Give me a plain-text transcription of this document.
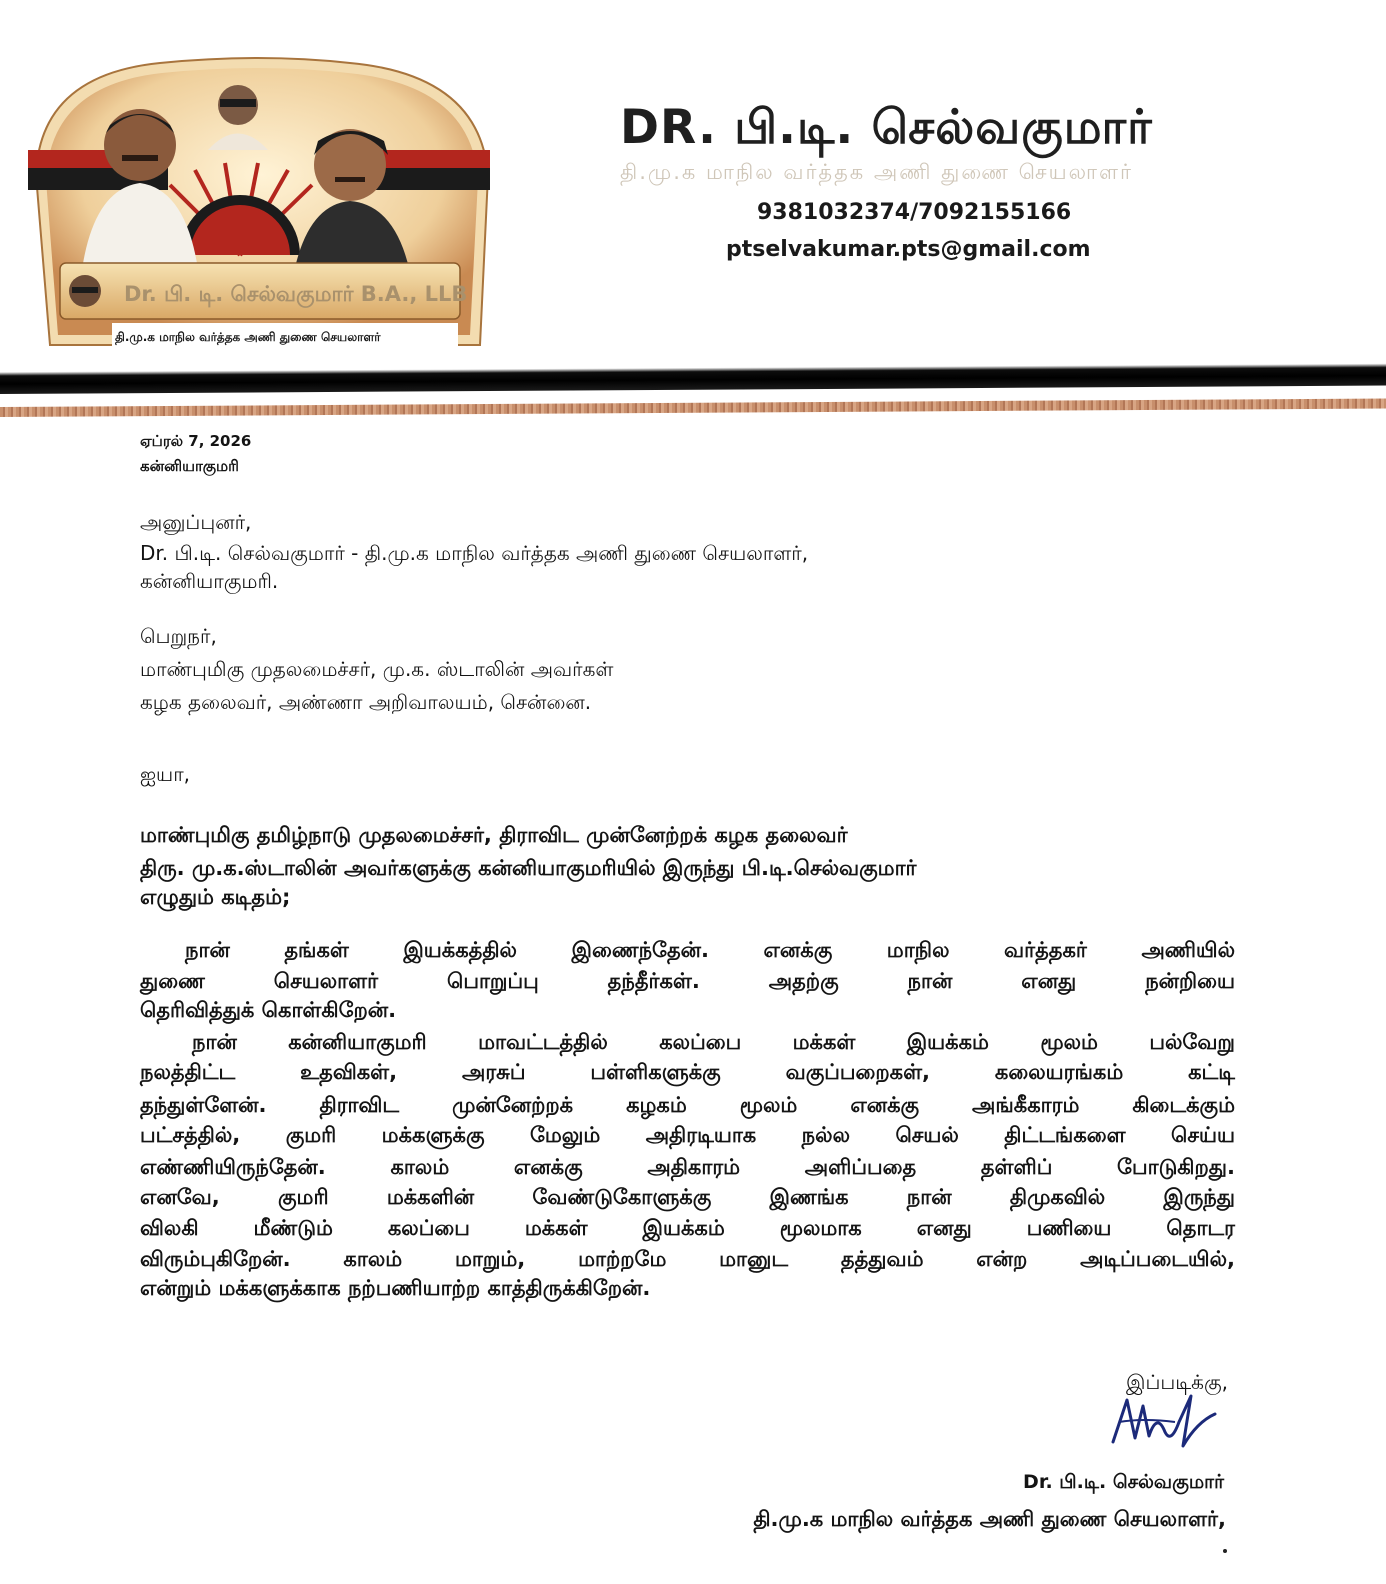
Dr. பி. டி. செல்வகுமார் B.A., LLB
தி.மு.க மாநில வர்த்தக அணி துணை செயலாளர்
DR. பி.டி. செல்வகுமார்
தி.மு.க மாநில வர்த்தக அணி துணை செயலாளர்
9381032374/7092155166
ptselvakumar.pts@gmail.com
ஏப்ரல் 7, 2026
கன்னியாகுமரி
அனுப்புனர்,
Dr. பி.டி. செல்வகுமார் - தி.மு.க மாநில வர்த்தக அணி துணை செயலாளர்,
கன்னியாகுமரி.
பெறுநர்,
மாண்புமிகு முதலமைச்சர், மு.க. ஸ்டாலின் அவர்கள்
கழக தலைவர், அண்ணா அறிவாலயம், சென்னை.
ஐயா,
மாண்புமிகு தமிழ்நாடு முதலமைச்சர், திராவிட முன்னேற்றக் கழக தலைவர்
திரு. மு.க.ஸ்டாலின் அவர்களுக்கு கன்னியாகுமரியில் இருந்து பி.டி.செல்வகுமார்
எழுதும் கடிதம்;
நான் தங்கள் இயக்கத்தில் இணைந்தேன். எனக்கு மாநில வர்த்தகர் அணியில்
துணை செயலாளர் பொறுப்பு தந்தீர்கள். அதற்கு நான் எனது நன்றியை
தெரிவித்துக் கொள்கிறேன்.
நான் கன்னியாகுமரி மாவட்டத்தில் கலப்பை மக்கள் இயக்கம் மூலம் பல்வேறு
நலத்திட்ட உதவிகள், அரசுப் பள்ளிகளுக்கு வகுப்பறைகள், கலையரங்கம் கட்டி
தந்துள்ளேன். திராவிட முன்னேற்றக் கழகம் மூலம் எனக்கு அங்கீகாரம் கிடைக்கும்
பட்சத்தில், குமரி மக்களுக்கு மேலும் அதிரடியாக நல்ல செயல் திட்டங்களை செய்ய
எண்ணியிருந்தேன். காலம் எனக்கு அதிகாரம் அளிப்பதை தள்ளிப் போடுகிறது.
எனவே, குமரி மக்களின் வேண்டுகோளுக்கு இணங்க நான் திமுகவில் இருந்து
விலகி மீண்டும் கலப்பை மக்கள் இயக்கம் மூலமாக எனது பணியை தொடர
விரும்புகிறேன். காலம் மாறும், மாற்றமே மானுட தத்துவம் என்ற அடிப்படையில்,
என்றும் மக்களுக்காக நற்பணியாற்ற காத்திருக்கிறேன்.
இப்படிக்கு,
Dr. பி.டி. செல்வகுமார்
தி.மு.க மாநில வர்த்தக அணி துணை செயலாளர்,
